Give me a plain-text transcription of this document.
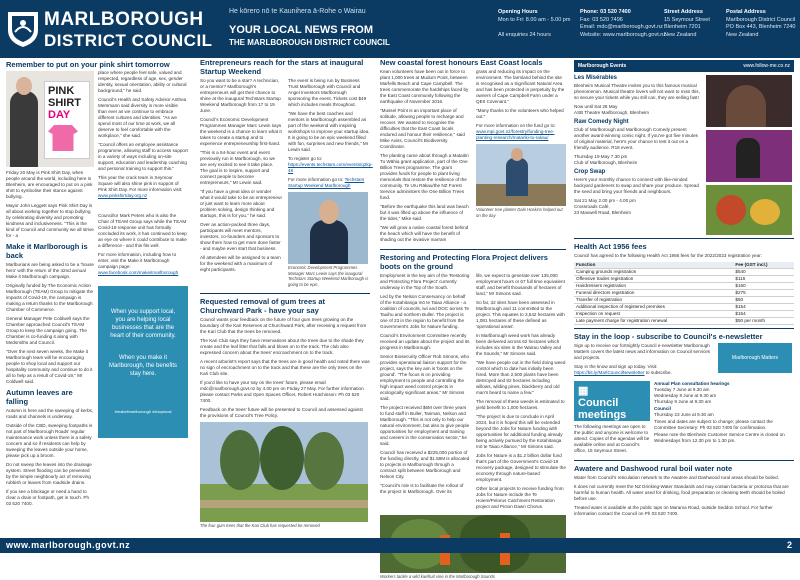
MARLBOROUGH
DISTRICT COUNCIL
He kōrero nō te Kaunihera ā-Rohe o Wairau
YOUR LOCAL NEWS FROM
THE MARLBOROUGH DISTRICT COUNCIL
Opening Hours
Mon to Fri: 8.00 am - 5.00 pm

All enquiries 24 hours
Phone: 03 520 7400
Fax: 03 520 7496
Email: mdc@marlborough.govt.nz
Website: www.marlborough.govt.nz
Street Address
15 Seymour Street
Blenheim 7201
New Zealand
Postal Address
Marlborough District Council
PO Box 443, Blenheim 7240
New Zealand
Remember to put on your pink shirt tomorrow
PINK
SHIRT
DAY
Friday 20 May is Pink Shirt Day, when people around the world, including here in Blenheim, are encouraged to put on a pink shirt to symbolise their stance against bullying.
Mayor John Leggett says Pink Shirt Day is all about working together to stop bullying by celebrating diversity and promoting kindness and inclusiveness. "This is the kind of Council and community we all strive for - a
Make it Marlborough is back
Marlburians are being asked to be a 'house hero' with the return of the 42nd annual Make it Marlborough campaign.
Originally funded by The Economic Action Marlborough (TEAM) Group to mitigate the impacts of Covid-19, the campaign is making a return thanks to the Marlborough Chamber of Commerce.
General Manager Pete Coldwell says the Chamber approached Council's TEAM Group to keep the campaign going. The Chamber is co-funding it along with Medsmiths and Council.
"Over the next seven weeks, the Make it Marlborough team will be encouraging people to shop local and support our hospitality community and continue to do it all to help as a result of Covid-19," Mr Coldwell said.
Autumn leaves are falling
Autumn is here and the sweeping of kerbs, roads and channels is underway.
Outside of the CBD, sweeping footpaths is not part of Marlborough Roads' regular maintenance work unless there is a safety concern and so if residents can help by sweeping the leaves outside your home, please pick up a broom.
Do not sweep the leaves into the drainage system. Street flooding can be prevented by the simple neighbourly act of removing rubbish or leaves from roadside drains.
If you see a blockage or need a hand to clear a drain or footpath, get in touch. Ph 03 520 7400.
place where people feel safe, valued and respected, regardless of age, sex, gender identity, sexual orientation, ability or cultural background," he said.
Council's Health and Safety Advisor Anthea Mersmann said diversity is more visible than ever as we continue to embrace different cultures and identities. "As we spend most of our time at work, we all deserve to feel comfortable with the workplace," she said.
"Council offers an employee assistance programme, allowing staff to access support in a variety of ways including on-site support, education and leadership coaching and personal training to support this."
This year the crack team in Seymour Square will also shine pink in support of Pink Shirt Day. For more information visit: www.pinkshirtday.org.nz
Councillor Mark Peters who is also the Chair of TEAM Group says while the TEAM Covid-19 response unit has formally concluded its work, it has continued to keep an eye on where it could contribute to make a difference - and this fits well.
For more information, including how to enter, visit the Make it Marlborough campaign page: www.facebook.com/makeitmarlborough
When you support local, you are helping local businesses that are the heart of their community.
When you make it Marlborough, the benefits stay here.
#makeitmarlborough #shoplocal
Entrepreneurs reach for the stars at inaugural Startup Weekend
So you want to be a star? A technician, or a mentor? Marlborough's entrepreneurs will get their chance to shine at the inaugural Techstars Startup Weekend Marlborough from 17 to 19 June.
Council's Economic Development Programmes Manager Marc Lewin says the weekend is a chance to learn what it takes to create a startup and to experience entrepreneurship first-hand.
"This is a 54-hour event and event previously run in Marlborough, so we are very excited to see it take place. The goal is to inspire, support and connect people to become entrepreneurs," Mr Lewin said.
"If you have a great idea or wonder what it would take to be an entrepreneur or just want to learn more about problem solving, design thinking and startups, this is for you," he said.
Over an action-packed three days, participants will meet mentors, investors, co-founders and sponsors to show them how to get more done faster - and maybe even start that business.
All attendees will be assigned to a team for the weekend with a maximum of eight participants.
The event is being run by Business Trust Marlborough with Council and Angel Investors Marlborough sponsoring the event. Tickets cost $49 which includes meals throughout.
"We have the best coaches and mentors in Marlborough assembled as part of the weekend with inspiring workshops to improve your startup idea. It is going to be an epic weekend filled with fun, surprises and new friends," Mr Lewin said.
To register go to: https://events.techstars.com/events/q2kp-48
For more information go to: Techstars Startup Weekend Marlborough
Economic Development Programmes Manager Marc Lewin says the inaugural Techstars Startup Weekend Marlborough is going to be epic.
Requested removal of gum trees at Churchward Park - have your say
Council wants your feedback on the future of four gum trees growing on the boundary of the Kari Reserves at Churchward Park, after receiving a request from the Kari Club that the trees be removed.
The Kari Club says they have reservations about the trees due to the shade they create and the leaf litter that falls and blows on to the track. The club also expressed concern about the trees' encroachment on to the track.
A recent arborist's report says that the trees are in good health and noted there was no sign of encroachment on to the track and that these are the only trees on the Kari Club site.
If you'd like to have your say on the trees' future, please email mdc@marlborough.govt.nz by 4.00 pm on Friday 27 May. For further information please contact Parks and Open Spaces Officer, Robert Hutchinson: Ph 03 520 7400.
Feedback on the trees' future will be presented to Council and assessed against the provisions of Council's Tree Policy.
The four gum trees that the Kari Club has requested be removed
New coastal forest honours East Coast locals
Kean volunteers have been out in force to plant 1,000 trees at Mudum Point, between Marfells Beach and Cape Campbell. The trees commemorate the hardships faced by the East Coast community following the earthquake of November 2016.
"Mussel Point is an important place of solitude, allowing people to recharge and recover. We wanted to recognise the difficulties that the East Coast locals endured and honour their resilience," said Mike Aviss, Council's Biodiversity Coordinator.
The planting came about through a Mataitiri Tu Wāhia grant application, part of the One Billion Trees programme. The grant provides funds for people to plant living memorials that restore the resilience of the community. Te Uru Rākau/the NZ Forest Service administers the One Billion Trees fund.
"Before the earthquake this land was beach but it was lifted up above the influence of the tides," Mike said.
"We will grow a native coastal forest behind the beach which will have the benefit of shading out the invasive marram
grass and reducing its impact on the environment. The farmland behind the site is recognised as a Significant Natural Area and has been protected in perpetuity by the owners of Cape Campbell Farm under a QEII Covenant."
"Many thanks to the volunteers who helped out."
For more information on the fund go to: www.mpi.govt.nz/forestry/funding-tree-planting-research/matariki-tu-rakau/
Volunteer tree planter Dale Hoskins helped out on the day
Restoring and Protecting Flora Project delivers boots on the ground
Employment is the key aim of the 'Restoring and Protecting Flora Project' currently underway in the Top of the South.
Led by the Nelson Conservancy on behalf of the Kotahitanga mō te Taiao Alliance - a coalition of councils, iwi and DOC across Te Tauihu and northern Buller. The project is one of 23 in the region to benefit from the Government's Jobs for Nature funding.
Council's Environment Committee recently received an update about the project and its progress in Marlborough.
Senior Biosecurity Officer Rob Simons, who provides operational liaison support for the project, says the key aim is 'boots on the ground'. "The focus is on providing employment to people and controlling the high impact weed control projects in ecologically significant areas," Mr Simons said.
The project received $6M over three years to fund staff in Buller, Tasman, Nelson and Marlborough. "This is not only to help our natural environment, but also to give people opportunities for employment and training and careers in the conservation sector," he said.
Council has received a $225,000 portion of the funding directly, and $1.58M is allocated to projects in Marlborough through a contract split between Marlborough and Nelson City.
"Council's role is to facilitate the rollout of the project in Marlborough. Over its
life, we expect to generate over 135,000 employment hours or 67 full time equivalent staff, and benefit thousands of hectares of land," Mr Simons said.
So far, 32 sites have been assessed in Marlborough and 11 committed to the project. This equates to 3,542 hectares with 1,081 hectares of these defined as 'operational areas'.
In Marlborough weed work has already been delivered across 62 hectares which includes six sites in the Wairau Valley and the Sounds," Mr Simons said.
"We have people out in the field doing weed control which to date has initially been hired. More than 2,500 plants have been destroyed and 82 hectares including willows, wilding pines, blackberry and old man's beard to name a few."
The removal of these weeds is estimated to yield benefit to 1,000 hectares.
"The project is due to conclude in April 2024, but it is hoped this will be extended beyond the Jobs for Nature funding with opportunities for additional funding already being actively pursued by the Kotahitanga mō te Taiao Alliance," Mr Simons said.
Jobs for Nature is a $1.2 billion dollar fund that's part of the Government's Covid-19 recovery package, designed to stimulate the economy through nature-based employment.
Other local projects to receive funding from Jobs for Nature include the Te Hoiere/Pelorus Catchment Restoration project and Picton Dawn Chorus.
Workers tackle a wild kiwifruit vine in the Marlborough Sounds
Marlborough Events	www.follow-me.co.nz
Les Misérables
Blenheim Musical Theatre invites you to this famous musical phenomenon. Musical theatre lovers will not want to miss this, so secure your tickets while you still can, they are selling fast!
Now until Sat 28 May
ASB Theatre Marlborough, Blenheim
Raw Comedy Night
Club of Marlborough and Marlborough Comedy present another award-winning comic night. If you've got five minutes of original material, here's your chance to test it out on a friendly audience. R18 event.
Thursday 19 May 7.30 pm
Club of Marlborough, Blenheim
Crop Swap
Here's your monthly chance to connect with like-minded backyard gardeners to swap and share your produce. Spread the seed and bring your friends and neighbours.
Sat 21 May 2.00 pm - 4.00 pm
Crossroads Café,
23 Maxwell Road, Blenheim
Health Act 1956 fees
Council has agreed to the following Health Act 1956 fees for the 2022/2023 registration year:
Function	Fee (GST incl.)
Camping grounds registration	$540
Offensive trades registration	$115
Hairdressers registration	$160
Funeral directors registration	$275
Transfer of registration	$50
Additional inspection of registered premises	$154
Inspection on request	$154
Late payment charge for registration renewal	$50 per month
Stay in the loop - subscribe to Council's e-newsletter
Sign up to receive our fortnightly Council e-newsletter Marlborough Matters covers the latest news and information on Council services and projects.
Stay in the know and sign up today. Visit: https://bit.ly/MarlCouncilNewsletter to subscribe.
Marlborough Matters
▦
Council meetings
The following meetings are open to the public and anyone is welcome to attend. Copies of the agendas will be available online and at Council's office, 15 Seymour Street.
Annual Plan consultation hearings
Tuesday 7 June at 9.30 am
Wednesday 8 June at 9.30 am
Thursday 9 June at 9.30 am
Council
Thursday 23 June at 9.30 am
Times and dates are subject to change; please contact the Committee Secretary: Ph 03 520 7400 for confirmation.
Please note the Blenheim Customer Service Centre is closed on Wednesdays from 12.30 pm to 1.30 pm.
Awatere and Dashwood rural boil water note
Water from Council's reticulation network to the Awatere and Dashwood rural areas should be boiled.
It does not currently meet the NZ Drinking-Water Standards and may contain bacteria or protozoa that are harmful to human health. All water used for drinking, food preparation or cleaning teeth should be boiled before use.
Treated water is available at the public taps on Marama Road, outside Seddon School. For further information contact the Council on Ph 03 520 7400.
www.marlborough.govt.nz	2
